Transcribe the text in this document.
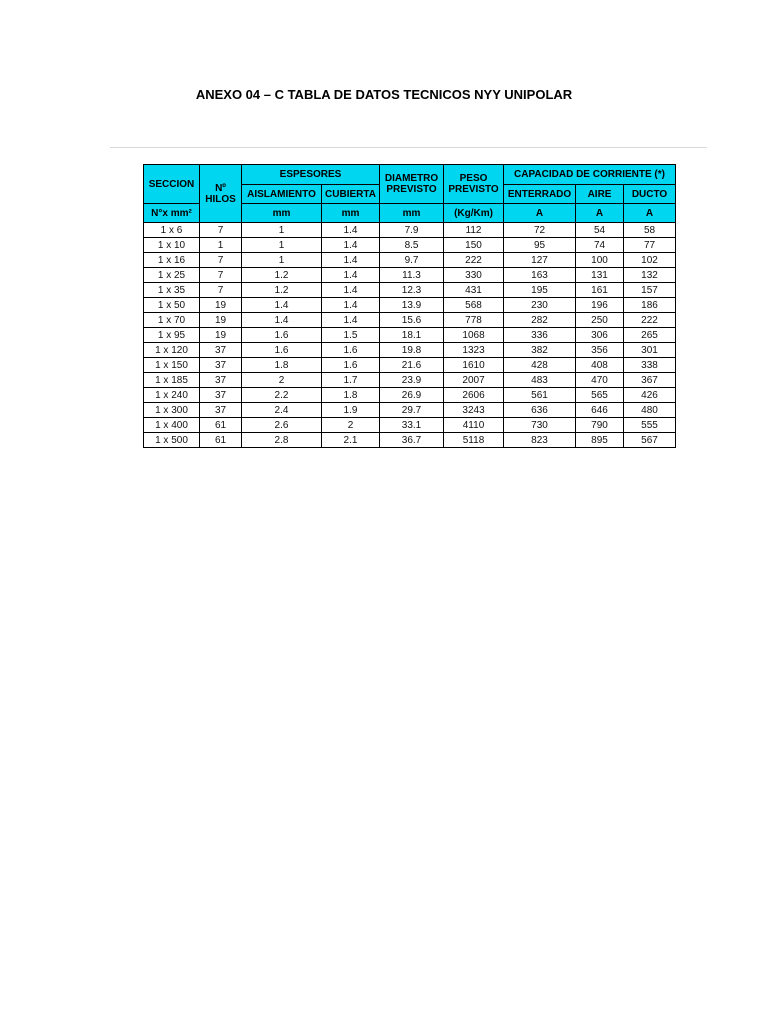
ANEXO 04 – C TABLA DE DATOS TECNICOS NYY UNIPOLAR
SECCION	Nº HILOS	ESPESORES		DIAMETRO PREVISTO	PESO PREVISTO	CAPACIDAD DE CORRIENTE (*)		
		AISLAMIENTO	CUBIERTA			ENTERRADO	AIRE	DUCTO
N°x mm²		mm	mm	mm	(Kg/Km)	A	A	A
1 x 6	7	1	1.4	7.9	112	72	54	58
1 x 10	1	1	1.4	8.5	150	95	74	77
1 x 16	7	1	1.4	9.7	222	127	100	102
1 x 25	7	1.2	1.4	11.3	330	163	131	132
1 x 35	7	1.2	1.4	12.3	431	195	161	157
1 x 50	19	1.4	1.4	13.9	568	230	196	186
1 x 70	19	1.4	1.4	15.6	778	282	250	222
1 x 95	19	1.6	1.5	18.1	1068	336	306	265
1 x 120	37	1.6	1.6	19.8	1323	382	356	301
1 x 150	37	1.8	1.6	21.6	1610	428	408	338
1 x 185	37	2	1.7	23.9	2007	483	470	367
1 x 240	37	2.2	1.8	26.9	2606	561	565	426
1 x 300	37	2.4	1.9	29.7	3243	636	646	480
1 x 400	61	2.6	2	33.1	4110	730	790	555
1 x 500	61	2.8	2.1	36.7	5118	823	895	567
